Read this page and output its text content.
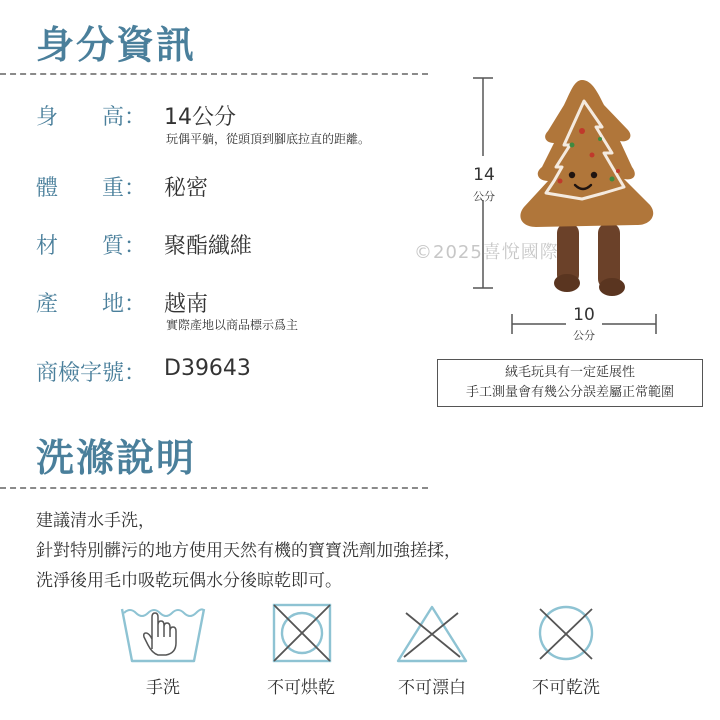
身分資訊
身　　高： 14公分
玩偶平躺，從頭頂到腳底拉直的距離。
體　　重： 秘密
材　　質： 聚酯纖維
產　　地： 越南
實際產地以商品標示爲主
商檢字號： D39643
14
公分
©2025喜悅國際
10
公分
絨毛玩具有一定延展性
手工測量會有幾公分誤差屬正常範圍
洗滌說明
建議清水手洗，
針對特別髒污的地方使用天然有機的寶寶洗劑加強搓揉，
洗淨後用毛巾吸乾玩偶水分後晾乾即可。
手洗	不可烘乾	不可漂白	不可乾洗
